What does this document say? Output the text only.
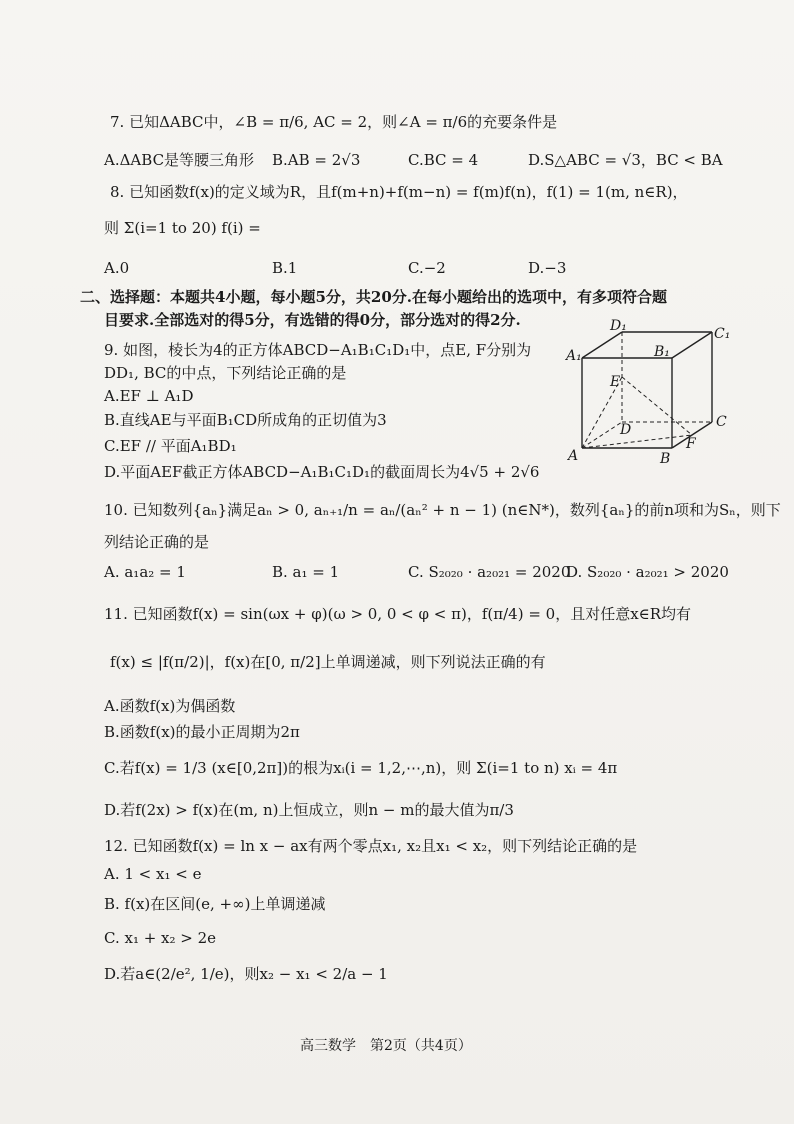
7. 已知ΔABC中，∠B = π/6, AC = 2，则∠A = π/6的充要条件是
A.ΔABC是等腰三角形 B.AB = 2√3	C.BC = 4	D.S△ABC = √3，BC < BA
8. 已知函数f(x)的定义域为R，且f(m+n)+f(m−n) = f(m)f(n)，f(1) = 1(m, n∈R)，
则 Σ(i=1 to 20) f(i) =
A.0	B.1	C.−2	D.−3
二、选择题：本题共4小题，每小题5分，共20分.在每小题给出的选项中，有多项符合题
目要求.全部选对的得5分，有选错的得0分，部分选对的得2分.
9. 如图，棱长为4的正方体ABCD−A₁B₁C₁D₁中，点E, F分别为
DD₁, BC的中点，下列结论正确的是
A.EF ⊥ A₁D
B.直线AE与平面B₁CD所成角的正切值为3
C.EF // 平面A₁BD₁
D.平面AEF截正方体ABCD−A₁B₁C₁D₁的截面周长为4√5 + 2√6
D₁	C₁
A₁	B₁
E
D	C
A	B
F
10. 已知数列{aₙ}满足aₙ > 0, aₙ₊₁/n = aₙ/(aₙ² + n − 1) (n∈N*)，数列{aₙ}的前n项和为Sₙ，则下
列结论正确的是
A. a₁a₂ = 1	B. a₁ = 1	C. S₂₀₂₀ · a₂₀₂₁ = 2020
D. S₂₀₂₀ · a₂₀₂₁ > 2020
11. 已知函数f(x) = sin(ωx + φ)(ω > 0, 0 < φ < π)，f(π/4) = 0，且对任意x∈R均有
f(x) ≤ |f(π/2)|，f(x)在[0, π/2]上单调递减，则下列说法正确的有
A.函数f(x)为偶函数
B.函数f(x)的最小正周期为2π
C.若f(x) = 1/3 (x∈[0,2π])的根为xᵢ(i = 1,2,⋯,n)，则 Σ(i=1 to n) xᵢ = 4π
D.若f(2x) > f(x)在(m, n)上恒成立，则n − m的最大值为π/3
12. 已知函数f(x) = ln x − ax有两个零点x₁, x₂且x₁ < x₂，则下列结论正确的是
A. 1 < x₁ < e
B. f(x)在区间(e, +∞)上单调递减
C. x₁ + x₂ > 2e
D.若a∈(2/e², 1/e)，则x₂ − x₁ < 2/a − 1
高三数学　第2页（共4页）
